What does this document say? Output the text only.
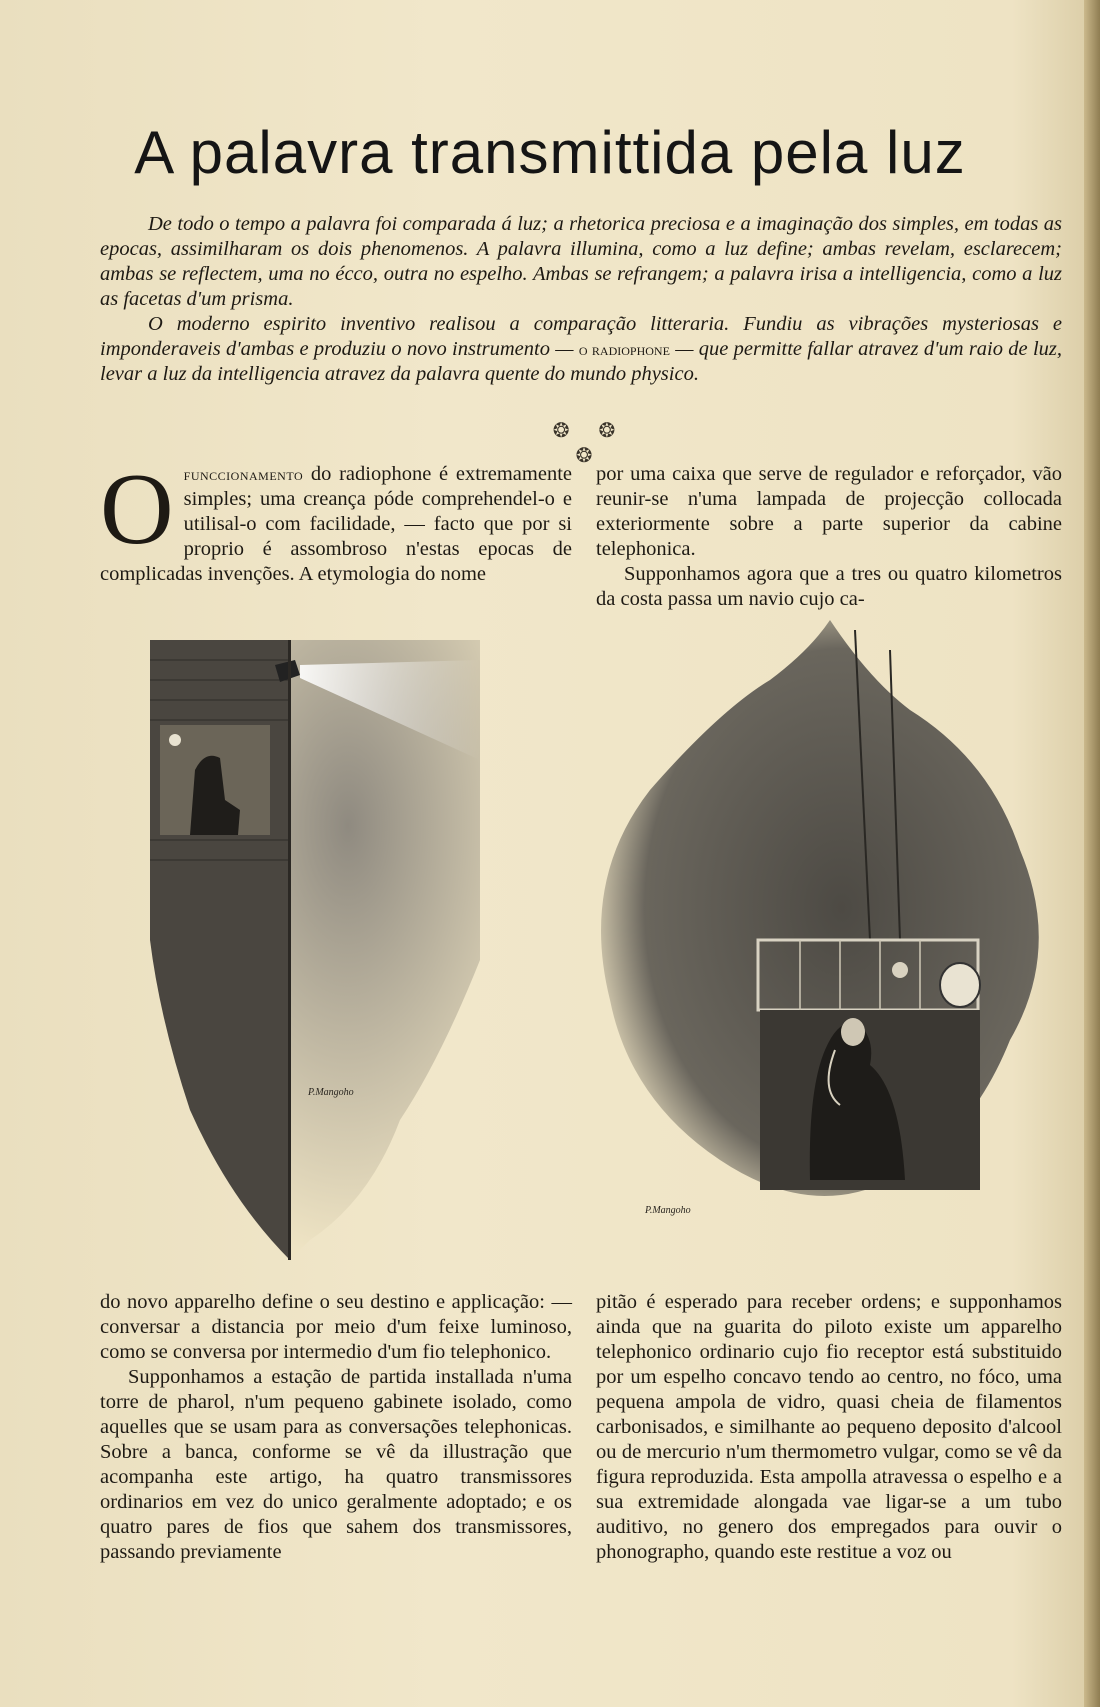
A palavra transmittida pela luz

De todo o tempo a palavra foi comparada á luz; a rhetorica preciosa e a imaginação dos simples, em todas as epocas, assimilharam os dois phenomenos. A palavra illumina, como a luz define; ambas revelam, esclarecem; ambas se reflectem, uma no écco, outra no espelho. Ambas se refrangem; a palavra irisa a intelligencia, como a luz as facetas d'um prisma.

O moderno espirito inventivo realisou a comparação litteraria. Fundiu as vibrações mysteriosas e imponderaveis d'ambas e produziu o novo instrumento — o radiophone — que permitte fallar atravez d'um raio de luz, levar a luz da intelligencia atravez da palavra quente do mundo physico.

❂ ❂ ❂

Ofunccionamento do radiophone é extremamente simples; uma creança póde comprehendel-o e utilisal-o com facilidade, — facto que por si proprio é assombroso n'estas epocas de complicadas invenções. A etymologia do nome

por uma caixa que serve de regulador e reforçador, vão reunir-se n'uma lampada de projecção collocada exteriormente sobre a parte superior da cabine telephonica.

Supponhamos agora que a tres ou quatro kilometros da costa passa um navio cujo ca-

P.Mangoho
P.Mangoho

do novo apparelho define o seu destino e applicação: — conversar a distancia por meio d'um feixe luminoso, como se conversa por intermedio d'um fio telephonico.

Supponhamos a estação de partida installada n'uma torre de pharol, n'um pequeno gabinete isolado, como aquelles que se usam para as conversações telephonicas. Sobre a banca, conforme se vê da illustração que acompanha este artigo, ha quatro transmissores ordinarios em vez do unico geralmente adoptado; e os quatro pares de fios que sahem dos transmissores, passando previamente

pitão é esperado para receber ordens; e supponhamos ainda que na guarita do piloto existe um apparelho telephonico ordinario cujo fio receptor está substituido por um espelho concavo tendo ao centro, no fóco, uma pequena ampola de vidro, quasi cheia de filamentos carbonisados, e similhante ao pequeno deposito d'alcool ou de mercurio n'um thermometro vulgar, como se vê da figura reproduzida. Esta ampolla atravessa o espelho e a sua extremidade alongada vae ligar-se a um tubo auditivo, no genero dos empregados para ouvir o phonographo, quando este restitue a voz ou
